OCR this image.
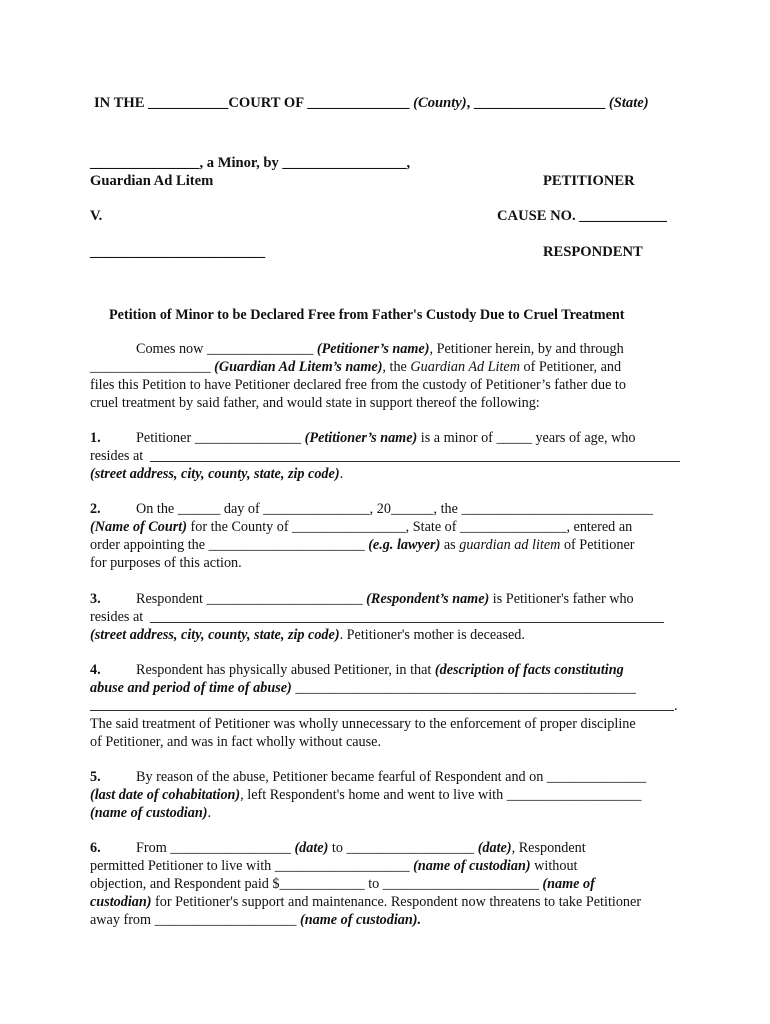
IN THE ___________COURT OF ______________ (County), __________________ (State)
_______________, a Minor, by _________________,
Guardian Ad Litem	PETITIONER
V.	CAUSE NO. ____________
________________________	RESPONDENT
Petition of Minor to be Declared Free from Father's Custody Due to Cruel Treatment
Comes now _______________ (Petitioner’s name), Petitioner herein, by and through
_________________ (Guardian Ad Litem’s name), the Guardian Ad Litem of Petitioner, and
files this Petition to have Petitioner declared free from the custody of Petitioner’s father due to
cruel treatment by said father, and would state in support thereof the following:
1. Petitioner _______________ (Petitioner’s name) is a minor of _____ years of age, who
resides at
(street address, city, county, state, zip code).
2. On the ______ day of _______________, 20______, the ___________________________
(Name of Court) for the County of ________________, State of _______________, entered an
order appointing the ______________________ (e.g. lawyer) as guardian ad litem of Petitioner
for purposes of this action.
3. Respondent ______________________ (Respondent’s name) is Petitioner's father who
resides at
(street address, city, county, state, zip code). Petitioner's mother is deceased.
4. Respondent has physically abused Petitioner, in that (description of facts constituting
abuse and period of time of abuse) ________________________________________________
.
The said treatment of Petitioner was wholly unnecessary to the enforcement of proper discipline
of Petitioner, and was in fact wholly without cause.
5. By reason of the abuse, Petitioner became fearful of Respondent and on ______________
(last date of cohabitation), left Respondent's home and went to live with ___________________
(name of custodian).
6. From _________________ (date) to __________________ (date), Respondent
permitted Petitioner to live with ___________________ (name of custodian) without
objection, and Respondent paid $____________ to ______________________ (name of
custodian) for Petitioner's support and maintenance. Respondent now threatens to take Petitioner
away from ____________________ (name of custodian).
